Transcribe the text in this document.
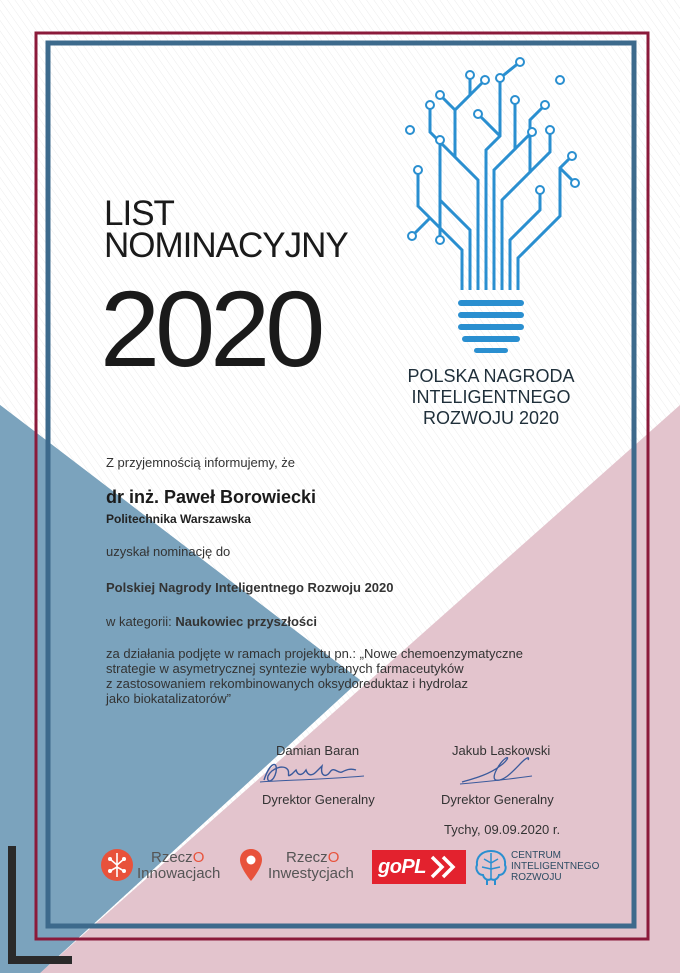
LIST
NOMINACYJNY
2020	POLSKA NAGRODA
INTELIGENTNEGO
ROZWOJU 2020
Z przyjemnością informujemy, że
dr inż. Paweł Borowiecki
Politechnika Warszawska
uzyskał nominację do
Polskiej Nagrody Inteligentnego Rozwoju 2020
w kategorii: Naukowiec przyszłości
za działania podjęte w ramach projektu pn.: „Nowe chemoenzymatyczne
strategie w asymetrycznej syntezie wybranych farmaceutyków
z zastosowaniem rekombinowanych oksydoreduktaz i hydrolaz
jako biokatalizatorów”
Damian Baran	Jakub Laskowski
Dyrektor Generalny	Dyrektor Generalny
Tychy, 09.09.2020 r.
RzeczO
Innowacjach
RzeczO
Inwestycjach goPL	CENTRUM
INTELIGENTNEGO
ROZWOJU
